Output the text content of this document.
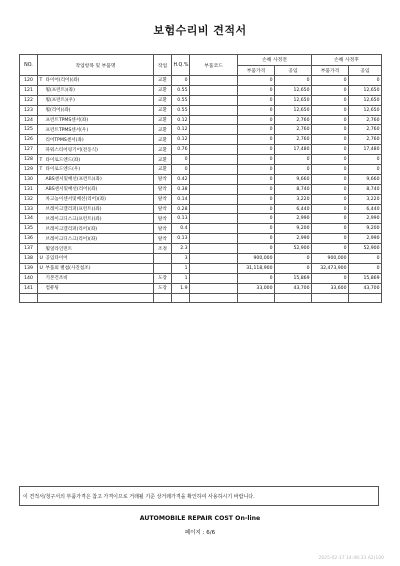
보험수리비 견적서
NO.	작업항목 및 부품명	작업	H.Q.%	부품코드	손해 사정전		손해 사정후	
					부품가격	공임	부품가격	공임
120	T 타이어(리어)(좌)	교환	0		0	0	0	0
121	휠(프런트)(좌)	교환	0.55		0	12,650	0	12,650
122	휠(프런트)(우)	교환	0.55		0	12,650	0	12,650
123	휠(리어)(좌)	교환	0.55		0	12,650	0	12,650
124	프런트TPMS센서(좌)	교환	0.12		0	2,760	0	2,760
125	프런트TPMS센서(우)	교환	0.12		0	2,760	0	2,760
126	리어TPMS센서(좌)	교환	0.12		0	2,760	0	2,760
127	파워스티어링기어(전동식)	교환	0.76		0	17,480	0	17,480
128	T 타이로드엔드(좌)	교환	0		0	0	0	0
129	T 타이로드엔드(우)	교환	0		0	0	0	0
130	ABS센서및배선(프런트)(좌)	탈착	0.42		0	9,660	0	9,660
131	ABS센서및배선(리어)(좌)	탈착	0.38		0	8,740	0	8,740
132	차고높이센서및배선(리어)(좌)	탈착	0.14		0	3,220	0	3,220
133	브레이크캘리퍼(프런트)(좌)	탈착	0.28		0	6,440	0	6,440
134	브레이크디스크(프런트)(좌)	탈착	0.13		0	2,990	0	2,990
135	브레이크캘리퍼(리어)(좌)	탈착	0.4		0	9,200	0	9,200
136	브레이크디스크(리어)(좌)	탈착	0.13		0	2,990	0	2,990
137	휠얼라인먼트	조정	2.3		0	52,900	0	52,900
138	U 공임타이어		3		900,000	0	900,000	0
139	U 부품외 별첨(사진첨조)		1		31,118,900	0	32,473,900	0
140	기본건조비	도장	1		0	15,869	0	15,869
141	컴퓨팅	도장	1.9		33,000	43,700	33,600	43,700

이 견적서/청구서의 부품가격은 참고 가격이므로 거래될 기준 상거래가격을 확인하여 사용하시기 바랍니다.
AUTOMOBILE REPAIR COST On-line
페이지 : 6/6
2025-02-17 14:46:33 A2(100
